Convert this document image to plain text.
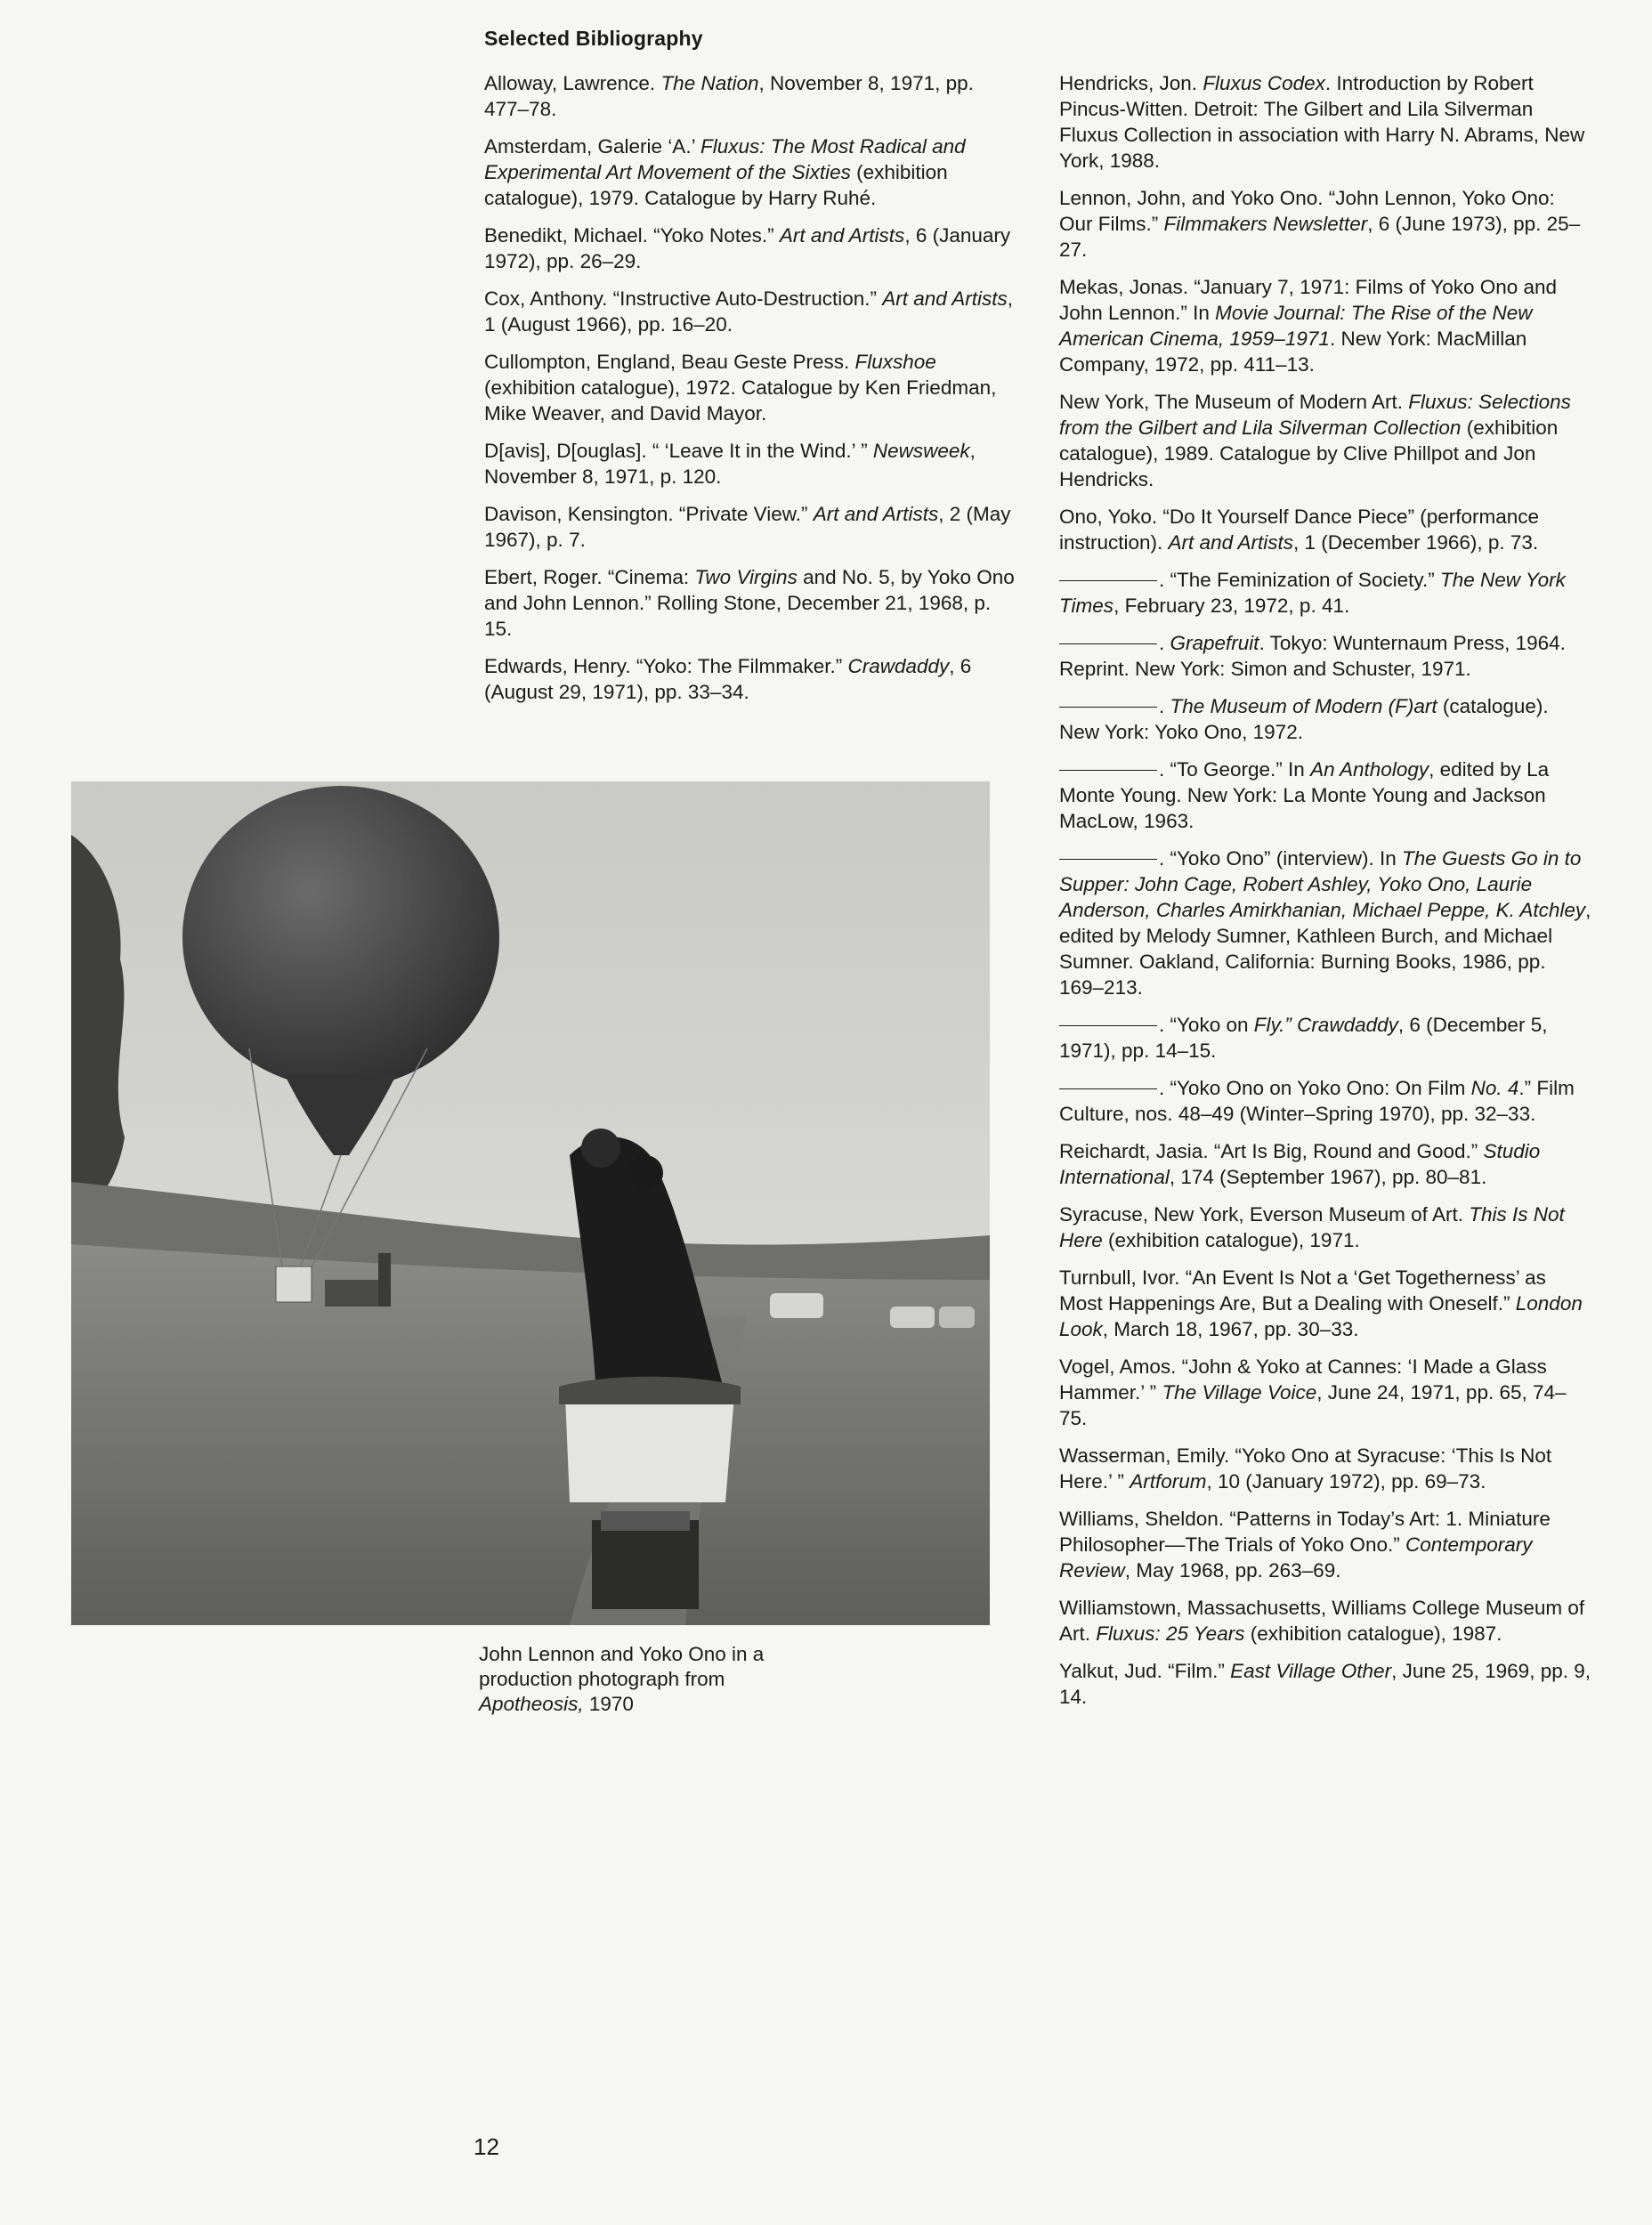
Selected Bibliography

Alloway, Lawrence. The Nation, November 8, 1971, pp. 477–78.

Amsterdam, Galerie ‘A.’ Fluxus: The Most Radical and Experimental Art Movement of the Sixties (exhibition catalogue), 1979. Catalogue by Harry Ruhé.

Benedikt, Michael. “Yoko Notes.” Art and Artists, 6 (January 1972), pp. 26–29.

Cox, Anthony. “Instructive Auto-Destruction.” Art and Artists, 1 (August 1966), pp. 16–20.

Cullompton, England, Beau Geste Press. Fluxshoe (exhibition catalogue), 1972. Catalogue by Ken Friedman, Mike Weaver, and David Mayor.

D[avis], D[ouglas]. “ ‘Leave It in the Wind.’ ” Newsweek, November 8, 1971, p. 120.

Davison, Kensington. “Private View.” Art and Artists, 2 (May 1967), p. 7.

Ebert, Roger. “Cinema: Two Virgins and No. 5, by Yoko Ono and John Lennon.” Rolling Stone, December 21, 1968, p. 15.

Edwards, Henry. “Yoko: The Filmmaker.” Crawdaddy, 6 (August 29, 1971), pp. 33–34.

Hendricks, Jon. Fluxus Codex. Introduction by Robert Pincus-Witten. Detroit: The Gilbert and Lila Silverman Fluxus Collection in association with Harry N. Abrams, New York, 1988.

Lennon, John, and Yoko Ono. “John Lennon, Yoko Ono: Our Films.” Filmmakers Newsletter, 6 (June 1973), pp. 25–27.

Mekas, Jonas. “January 7, 1971: Films of Yoko Ono and John Lennon.” In Movie Journal: The Rise of the New American Cinema, 1959–1971. New York: MacMillan Company, 1972, pp. 411–13.

New York, The Museum of Modern Art. Fluxus: Selections from the Gilbert and Lila Silverman Collection (exhibition catalogue), 1989. Catalogue by Clive Phillpot and Jon Hendricks.

Ono, Yoko. “Do It Yourself Dance Piece” (performance instruction). Art and Artists, 1 (December 1966), p. 73.

. “The Feminization of Society.” The New York Times, February 23, 1972, p. 41.

. Grapefruit. Tokyo: Wunternaum Press, 1964. Reprint. New York: Simon and Schuster, 1971.

. The Museum of Modern (F)art (catalogue). New York: Yoko Ono, 1972.

. “To George.” In An Anthology, edited by La Monte Young. New York: La Monte Young and Jackson MacLow, 1963.

. “Yoko Ono” (interview). In The Guests Go in to Supper: John Cage, Robert Ashley, Yoko Ono, Laurie Anderson, Charles Amirkhanian, Michael Peppe, K. Atchley, edited by Melody Sumner, Kathleen Burch, and Michael Sumner. Oakland, California: Burning Books, 1986, pp. 169–213.

. “Yoko on Fly.” Crawdaddy, 6 (December 5, 1971), pp. 14–15.

. “Yoko Ono on Yoko Ono: On Film No. 4.” Film Culture, nos. 48–49 (Winter–Spring 1970), pp. 32–33.

Reichardt, Jasia. “Art Is Big, Round and Good.” Studio International, 174 (September 1967), pp. 80–81.

Syracuse, New York, Everson Museum of Art. This Is Not Here (exhibition catalogue), 1971.

Turnbull, Ivor. “An Event Is Not a ‘Get Togetherness’ as Most Happenings Are, But a Dealing with Oneself.” London Look, March 18, 1967, pp. 30–33.

Vogel, Amos. “John & Yoko at Cannes: ‘I Made a Glass Hammer.’ ” The Village Voice, June 24, 1971, pp. 65, 74–75.

Wasserman, Emily. “Yoko Ono at Syracuse: ‘This Is Not Here.’ ” Artforum, 10 (January 1972), pp. 69–73.

Williams, Sheldon. “Patterns in Today’s Art: 1. Miniature Philosopher—The Trials of Yoko Ono.” Contemporary Review, May 1968, pp. 263–69.

Williamstown, Massachusetts, Williams College Museum of Art. Fluxus: 25 Years (exhibition catalogue), 1987.

Yalkut, Jud. “Film.” East Village Other, June 25, 1969, pp. 9, 14.

John Lennon and Yoko Ono in a production photograph from Apotheosis, 1970
12
